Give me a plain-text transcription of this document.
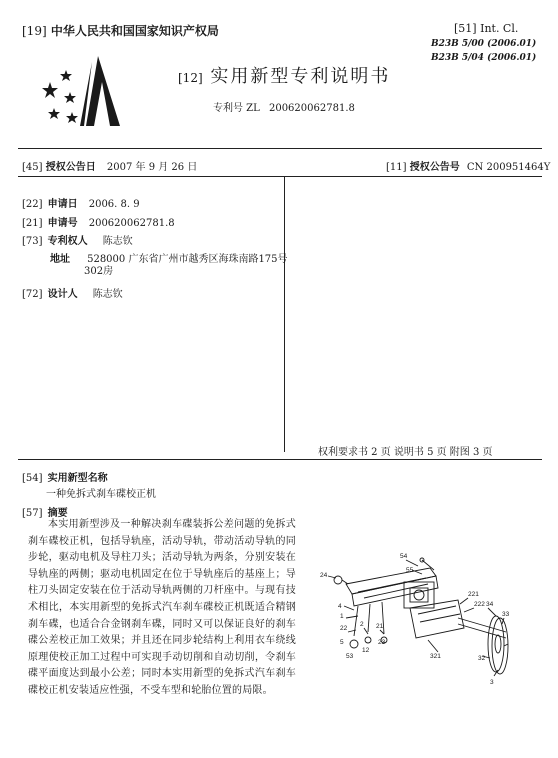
[19] 中华人民共和国国家知识产权局	[51] Int. Cl.
B23B 5/00 (2006.01)
B23B 5/04 (2006.01)
[12] 实用新型专利说明书
专利号 ZL 200620062781.8
[45] 授权公告日 2007 年 9 月 26 日	[11] 授权公告号 CN 200951464Y
[22] 申请日 2006. 8. 9
[21] 申请号 200620062781.8
[73] 专利权人 陈志钦
地址 528000 广东省广州市越秀区海珠南路175号
302房
[72] 设计人 陈志钦
权利要求书 2 页 说明书 5 页 附图 3 页
[54] 实用新型名称
一种免拆式刹车碟校正机
[57] 摘要
本实用新型涉及一种解决刹车碟装拆公差问题的免拆式刹车碟校正机，包括导轨座，活动导轨，带动活动导轨的同步轮，驱动电机及导柱刀头；活动导轨为两条，分别安装在导轨座的两侧；驱动电机固定在位于导轨座后的基座上；导柱刀头固定安装在位于活动导轨两侧的刀杆座中。与现有技术相比，本实用新型的免拆式汽车刹车碟校正机既适合精钢刹车碟，也适合合金钢刹车碟，同时又可以保证良好的刹车碟公差校正加工效果；并且还在同步轮结构上利用衣车绕线原理使校正加工过程中可实现手动切削和自动切削，令刹车碟平面度达到最小公差；同时本实用新型的免拆式汽车刹车碟校正机安装适应性强，不受车型和轮胎位置的局限。
54
55
24
4
1
22
2 21
5	23
12
53
221
222 34
33
32
321
3
